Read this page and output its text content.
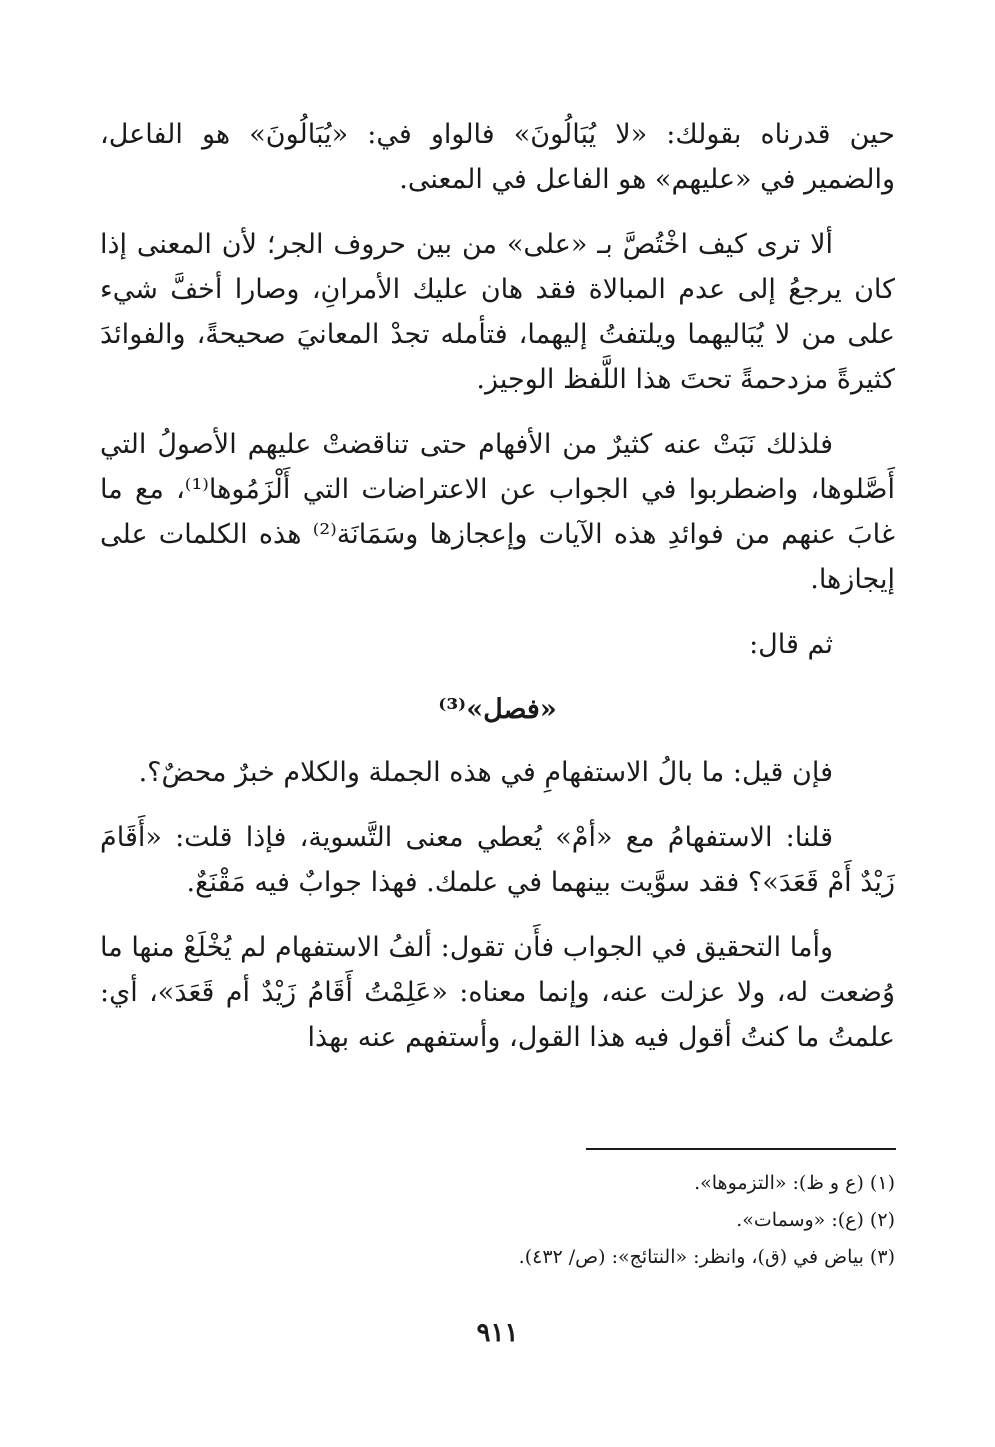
حين قدرناه بقولك: «لا يُبَالُونَ» فالواو في: «يُبَالُونَ» هو الفاعل، والضمير في «عليهم» هو الفاعل في المعنى.

ألا ترى كيف اخْتُصَّ بـ «على» من بين حروف الجر؛ لأن المعنى إذا كان يرجعُ إلى عدم المبالاة فقد هان عليك الأمرانِ، وصارا أخفَّ شيء على من لا يُبَاليهما ويلتفتُ إليهما، فتأمله تجدْ المعانيَ صحيحةً، والفوائدَ كثيرةً مزدحمةً تحتَ هذا اللَّفظ الوجيز.

فلذلك نَبَتْ عنه كثيرٌ من الأفهام حتى تناقضتْ عليهم الأصولُ التي أَصَّلوها، واضطربوا في الجواب عن الاعتراضات التي أَلْزَمُوها⁽¹⁾، مع ما غابَ عنهم من فوائدِ هذه الآيات وإعجازها وسَمَانَة⁽²⁾ هذه الكلمات على إيجازها.

ثم قال:

«فصل»⁽³⁾

فإن قيل: ما بالُ الاستفهامِ في هذه الجملة والكلام خبرٌ محضٌ؟.

قلنا: الاستفهامُ مع «أمْ» يُعطي معنى التَّسوية، فإذا قلت: «أَقَامَ زَيْدٌ أَمْ قَعَدَ»؟ فقد سوَّيت بينهما في علمك. فهذا جوابٌ فيه مَقْنَعٌ.

وأما التحقيق في الجواب فأَن تقول: ألفُ الاستفهام لم يُخْلَعْ منها ما وُضعت له، ولا عزلت عنه، وإنما معناه: «عَلِمْتُ أَقَامُ زَيْدٌ أم قَعَدَ»، أي: علمتُ ما كنتُ أقول فيه هذا القول، وأستفهم عنه بهذا

(١) (ع و ظ): «التزموها».
(٢) (ع): «وسمات».
(٣) بياض في (ق)، وانظر: «النتائج»: (ص/ ٤٣٢).
٩١١
